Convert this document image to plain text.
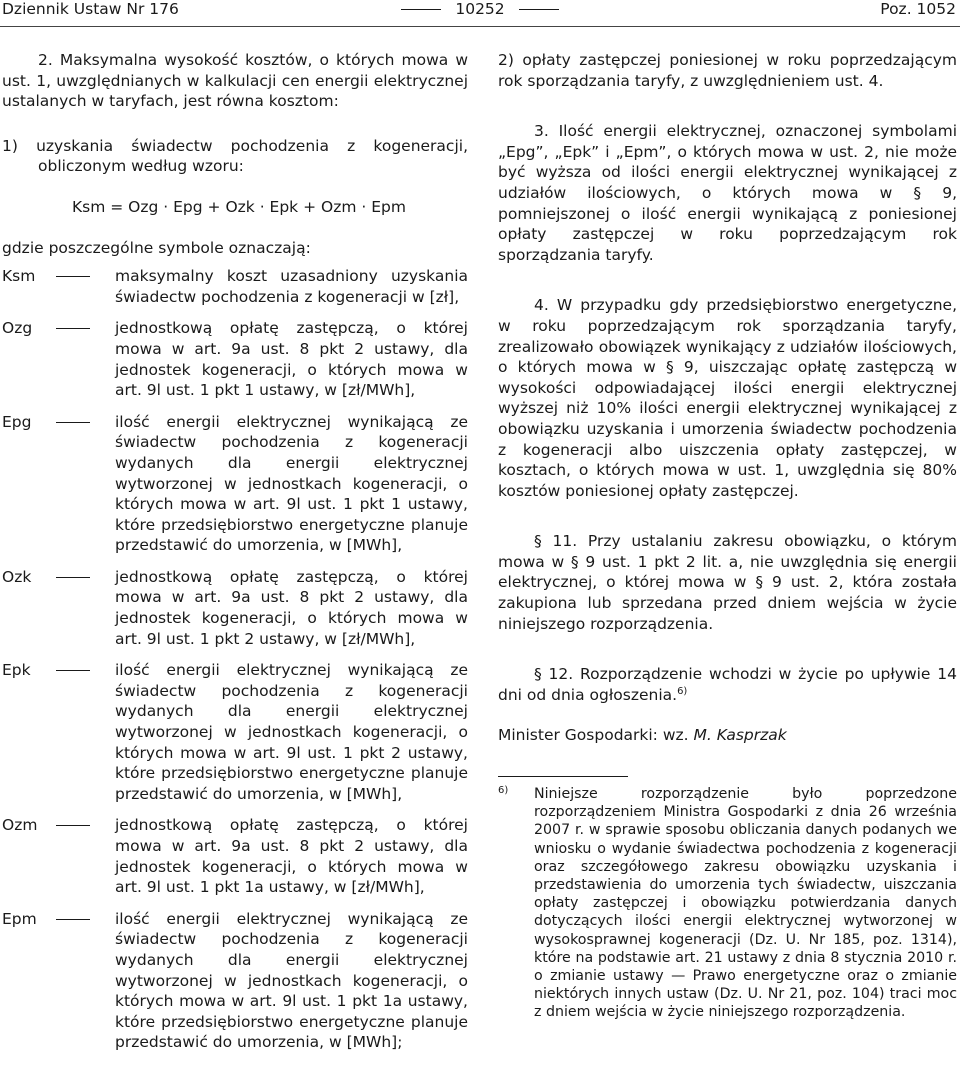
Dziennik Ustaw Nr 176	10252	Poz. 1052

2. Maksymalna wysokość kosztów, o których mowa w ust. 1, uwzględnianych w kalkulacji cen energii elektrycznej ustalanych w taryfach, jest równa kosztom:

1) uzyskania świadectw pochodzenia z kogeneracji, obliczonym według wzoru:

Ksm = Ozg · Epg + Ozk · Epk + Ozm · Epm

gdzie poszczególne symbole oznaczają:

Ksm	maksymalny koszt uzasadniony uzyskania świadectw pochodzenia z kogeneracji w [zł],
Ozg	jednostkową opłatę zastępczą, o której mowa w art. 9a ust. 8 pkt 2 ustawy, dla jednostek kogeneracji, o których mowa w art. 9l ust. 1 pkt 1 ustawy, w [zł/MWh],
Epg	ilość energii elektrycznej wynikającą ze świadectw pochodzenia z kogeneracji wydanych dla energii elektrycznej wytworzonej w jednostkach kogeneracji, o których mowa w art. 9l ust. 1 pkt 1 ustawy, które przedsiębiorstwo energetyczne planuje przedstawić do umorzenia, w [MWh],
Ozk	jednostkową opłatę zastępczą, o której mowa w art. 9a ust. 8 pkt 2 ustawy, dla jednostek kogeneracji, o których mowa w art. 9l ust. 1 pkt 2 ustawy, w [zł/MWh],
Epk	ilość energii elektrycznej wynikającą ze świadectw pochodzenia z kogeneracji wydanych dla energii elektrycznej wytworzonej w jednostkach kogeneracji, o których mowa w art. 9l ust. 1 pkt 2 ustawy, które przedsiębiorstwo energetyczne planuje przedstawić do umorzenia, w [MWh],
Ozm	jednostkową opłatę zastępczą, o której mowa w art. 9a ust. 8 pkt 2 ustawy, dla jednostek kogeneracji, o których mowa w art. 9l ust. 1 pkt 1a ustawy, w [zł/MWh],
Epm	ilość energii elektrycznej wynikającą ze świadectw pochodzenia z kogeneracji wydanych dla energii elektrycznej wytworzonej w jednostkach kogeneracji, o których mowa w art. 9l ust. 1 pkt 1a ustawy, które przedsiębiorstwo energetyczne planuje przedstawić do umorzenia, w [MWh];

2) opłaty zastępczej poniesionej w roku poprzedzającym rok sporządzania taryfy, z uwzględnieniem ust. 4.

3. Ilość energii elektrycznej, oznaczonej symbolami „Epg”, „Epk” i „Epm”, o których mowa w ust. 2, nie może być wyższa od ilości energii elektrycznej wynikającej z udziałów ilościowych, o których mowa w § 9, pomniejszonej o ilość energii wynikającą z poniesionej opłaty zastępczej w roku poprzedzającym rok sporządzania taryfy.

4. W przypadku gdy przedsiębiorstwo energetyczne, w roku poprzedzającym rok sporządzania taryfy, zrealizowało obowiązek wynikający z udziałów ilościowych, o których mowa w § 9, uiszczając opłatę zastępczą w wysokości odpowiadającej ilości energii elektrycznej wyższej niż 10% ilości energii elektrycznej wynikającej z obowiązku uzyskania i umorzenia świadectw pochodzenia z kogeneracji albo uiszczenia opłaty zastępczej, w kosztach, o których mowa w ust. 1, uwzględnia się 80% kosztów poniesionej opłaty zastępczej.

§ 11. Przy ustalaniu zakresu obowiązku, o którym mowa w § 9 ust. 1 pkt 2 lit. a, nie uwzględnia się energii elektrycznej, o której mowa w § 9 ust. 2, która została zakupiona lub sprzedana przed dniem wejścia w życie niniejszego rozporządzenia.

§ 12. Rozporządzenie wchodzi w życie po upływie 14 dni od dnia ogłoszenia.$^{6)}$

Minister Gospodarki: wz. M. Kasprzak

6) Niniejsze rozporządzenie było poprzedzone rozporządzeniem Ministra Gospodarki z dnia 26 września 2007 r. w sprawie sposobu obliczania danych podanych we wniosku o wydanie świadectwa pochodzenia z kogeneracji oraz szczegółowego zakresu obowiązku uzyskania i przedstawienia do umorzenia tych świadectw, uiszczania opłaty zastępczej i obowiązku potwierdzania danych dotyczących ilości energii elektrycznej wytworzonej w wysokosprawnej kogeneracji (Dz. U. Nr 185, poz. 1314), które na podstawie art. 21 ustawy z dnia 8 stycznia 2010 r. o zmianie ustawy — Prawo energetyczne oraz o zmianie niektórych innych ustaw (Dz. U. Nr 21, poz. 104) traci moc z dniem wejścia w życie niniejszego rozporządzenia.
